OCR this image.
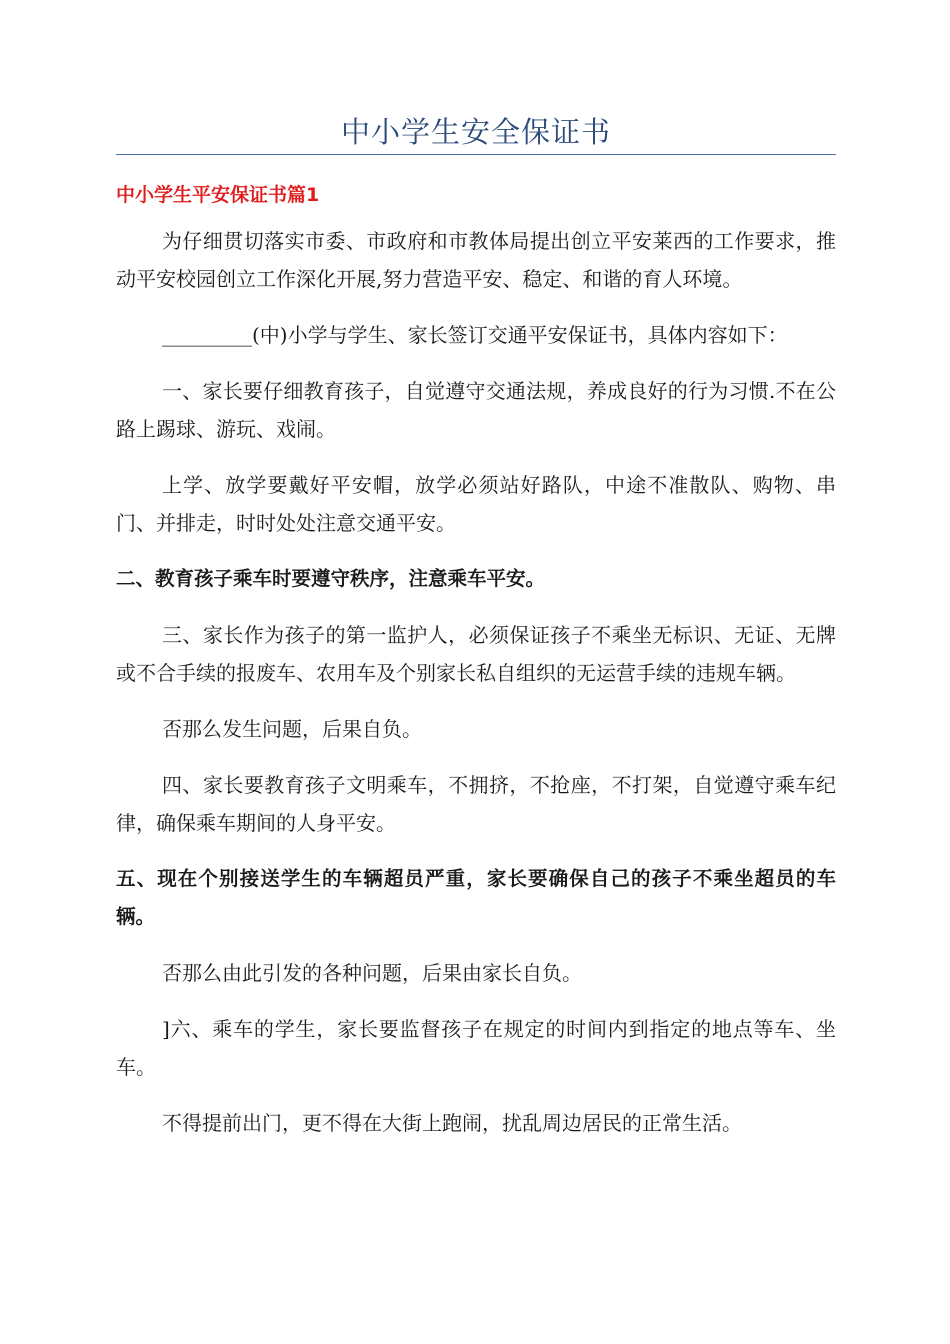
中小学生安全保证书
中小学生平安保证书篇1

为仔细贯切落实市委、市政府和市教体局提出创立平安莱西的工作要求，推动平安校园创立工作深化开展,努力营造平安、稳定、和谐的育人环境。

_________(中)小学与学生、家长签订交通平安保证书，具体内容如下：

一、家长要仔细教育孩子，自觉遵守交通法规，养成良好的行为习惯.不在公路上踢球、游玩、戏闹。

上学、放学要戴好平安帽，放学必须站好路队，中途不准散队、购物、串门、并排走，时时处处注意交通平安。

二、教育孩子乘车时要遵守秩序，注意乘车平安。

三、家长作为孩子的第一监护人，必须保证孩子不乘坐无标识、无证、无牌或不合手续的报废车、农用车及个别家长私自组织的无运营手续的违规车辆。

否那么发生问题，后果自负。

四、家长要教育孩子文明乘车，不拥挤，不抢座，不打架，自觉遵守乘车纪律，确保乘车期间的人身平安。

五、现在个别接送学生的车辆超员严重，家长要确保自己的孩子不乘坐超员的车辆。

否那么由此引发的各种问题，后果由家长自负。

]六、乘车的学生，家长要监督孩子在规定的时间内到指定的地点等车、坐车。

不得提前出门，更不得在大街上跑闹，扰乱周边居民的正常生活。
